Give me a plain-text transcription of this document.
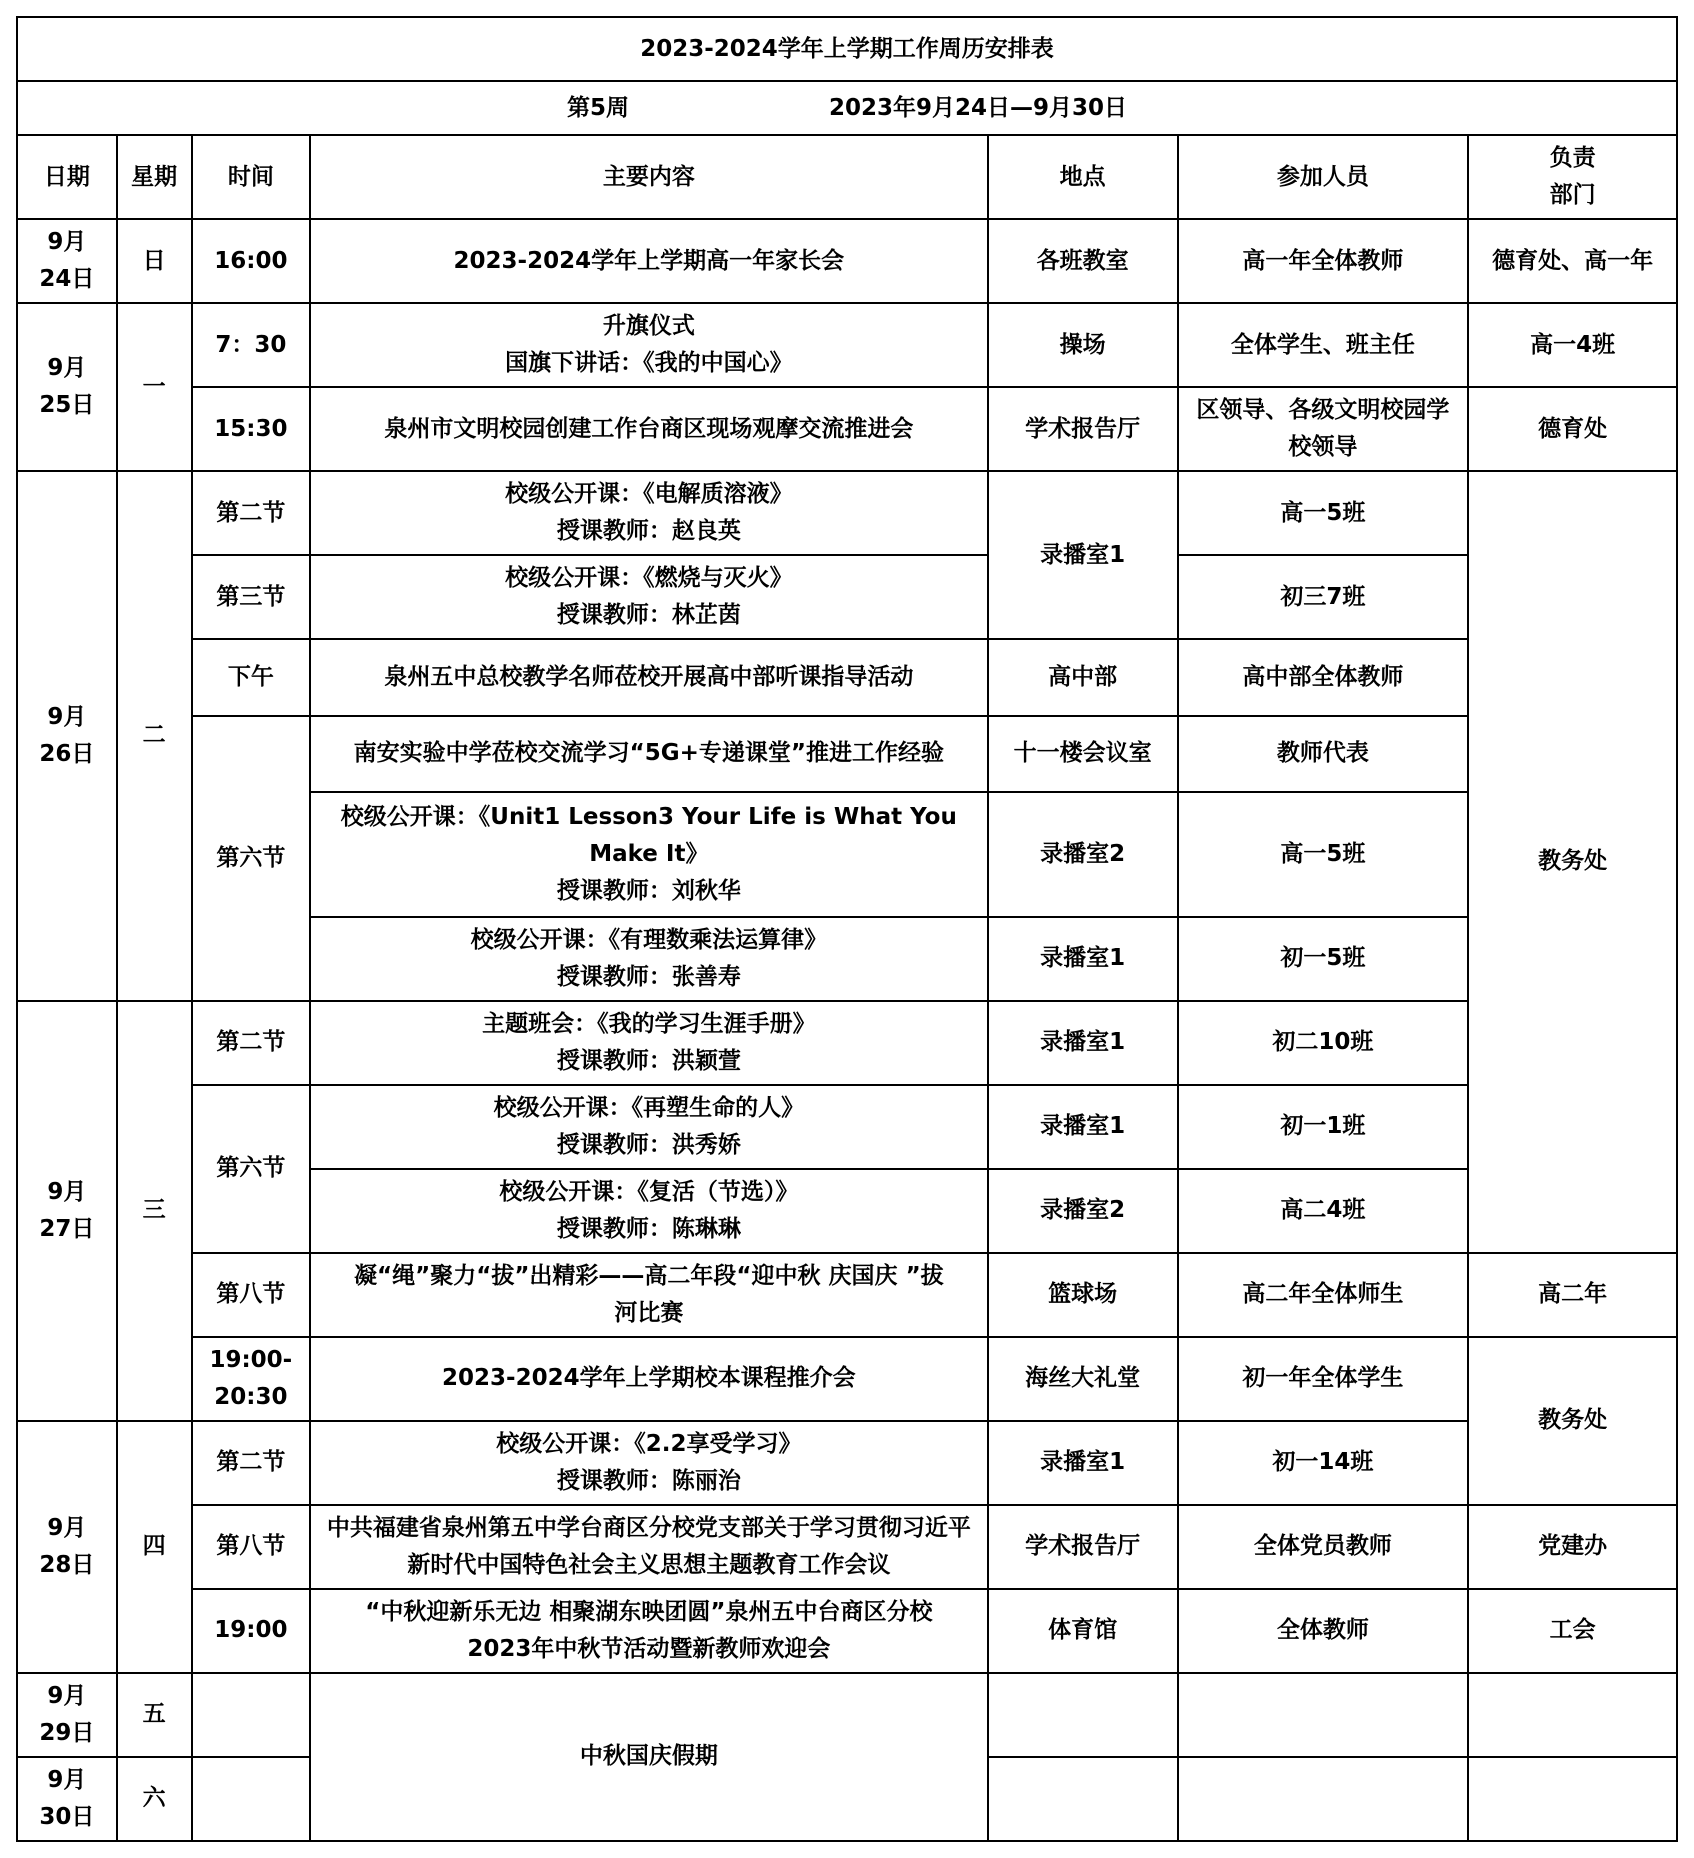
2023-2024学年上学期工作周历安排表						
第5周 2023年9月24日—9月30日						
日期	星期	时间	主要内容	地点	参加人员	负责
部门

9月
24日	日	16:00	2023-2024学年上学期高一年家长会	各班教室	高一年全体教师	德育处、高一年

9月
25日	一	7：30	升旗仪式
国旗下讲话：《我的中国心》	操场	全体学生、班主任	高一4班
		15:30	泉州市文明校园创建工作台商区现场观摩交流推进会	学术报告厅	区领导、各级文明校园学
校领导	德育处

9月
26日	二	第二节	校级公开课：《电解质溶液》
授课教师：赵良英	录播室1	高一5班	教务处
		第三节	校级公开课：《燃烧与灭火》
授课教师：林芷茵		初三7班	
		下午	泉州五中总校教学名师莅校开展高中部听课指导活动	高中部	高中部全体教师	
		第六节	南安实验中学莅校交流学习“5G+专递课堂”推进工作经验	十一楼会议室	教师代表	

			校级公开课：《Unit1 Lesson3 Your Life is What You
Make It》
授课教师：刘秋华	录播室2	高一5班	

			校级公开课：《有理数乘法运算律》
授课教师：张善寿	录播室1	初一5班	

9月
27日	三	第二节	主题班会：《我的学习生涯手册》
授课教师：洪颖萱	录播室1	初二10班	
		第六节	校级公开课：《再塑生命的人》
授课教师：洪秀娇	录播室1	初一1班	

			校级公开课：《复活（节选）》
授课教师：陈琳琳	录播室2	高二4班	
		第八节	凝“绳”聚力“拔”出精彩——高二年段“迎中秋 庆国庆 ”拔
河比赛	篮球场	高二年全体师生	高二年

		19:00-
20:30	2023-2024学年上学期校本课程推介会	海丝大礼堂	初一年全体学生	教务处

9月
28日	四	第二节	校级公开课：《2.2享受学习》
授课教师：陈丽治	录播室1	初一14班	
		第八节	中共福建省泉州第五中学台商区分校党支部关于学习贯彻习近平
新时代中国特色社会主义思想主题教育工作会议	学术报告厅	全体党员教师	党建办
		19:00	“中秋迎新乐无边 相聚湖东映团圆”泉州五中台商区分校
2023年中秋节活动暨新教师欢迎会	体育馆	全体教师	工会

9月
29日	五		中秋国庆假期			

9月
30日	六					
